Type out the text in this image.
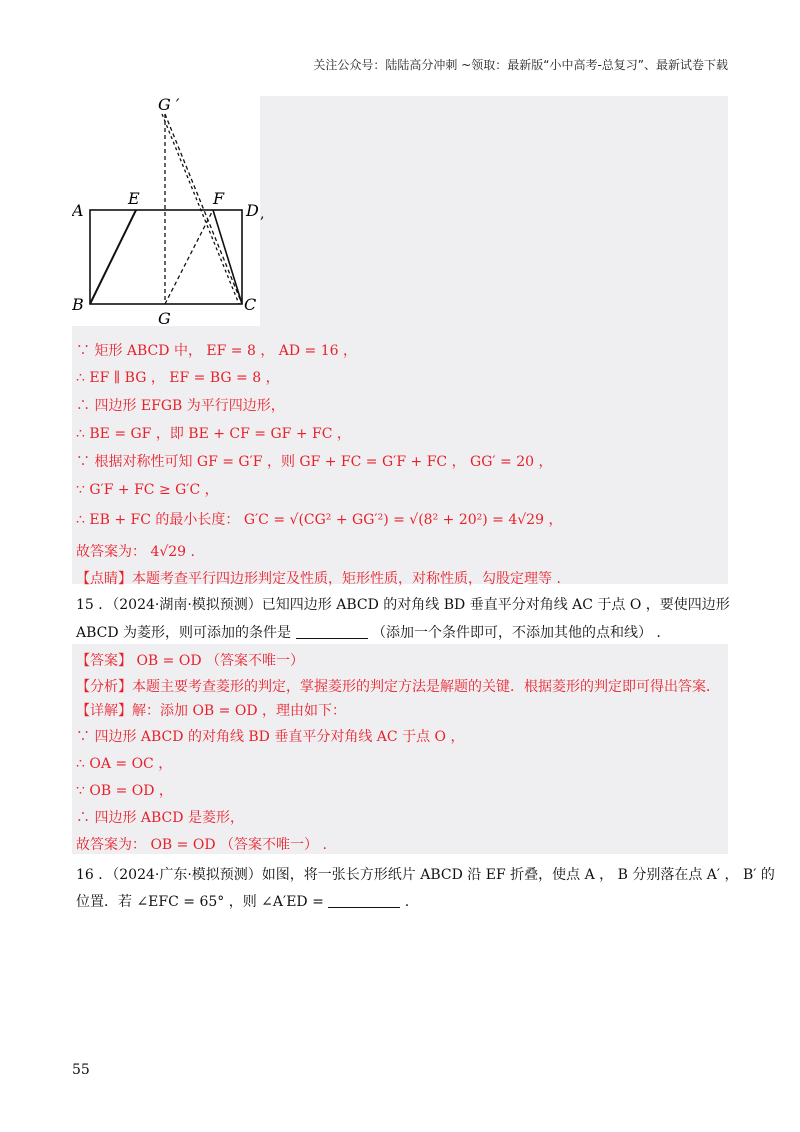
关注公众号：陆陆高分冲刺 ~领取：最新版“小中高考-总复习”、最新试卷下载
G ′
E	F
A	D ,
B
G
C
∵ 矩形 ABCD 中， EF = 8 ， AD = 16 ，
∴ EF ∥ BG ， EF = BG = 8 ，
∴ 四边形 EFGB 为平行四边形，
∴ BE = GF ，即 BE + CF = GF + FC ，
∵ 根据对称性可知 GF = G′F ，则 GF + FC = G′F + FC ， GG′ = 20 ，
∵ G′F + FC ≥ G′C ，
∴ EB + FC 的最小长度： G′C = √(CG² + GG′²) = √(8² + 20²) = 4√29 ，
故答案为： 4√29 .
【点睛】本题考查平行四边形判定及性质，矩形性质，对称性质，勾股定理等 .
15 ．（2024·湖南·模拟预测）已知四边形 ABCD 的对角线 BD 垂直平分对角线 AC 于点 O ，要使四边形
ABCD 为菱形，则可添加的条件是	（添加一个条件即可，不添加其他的点和线） .
【答案】 OB = OD （答案不唯一）
【分析】本题主要考查菱形的判定，掌握菱形的判定方法是解题的关键．根据菱形的判定即可得出答案．
【详解】解：添加 OB = OD ，理由如下：
∵ 四边形 ABCD 的对角线 BD 垂直平分对角线 AC 于点 O ，
∴ OA = OC ，
∵ OB = OD ，
∴ 四边形 ABCD 是菱形，
故答案为： OB = OD （答案不唯一） .
16 ．（2024·广东·模拟预测）如图，将一张长方形纸片 ABCD 沿 EF 折叠，使点 A ， B 分别落在点 A′ ， B′ 的
位置．若 ∠EFC = 65° ，则 ∠A′ED =	.
55
